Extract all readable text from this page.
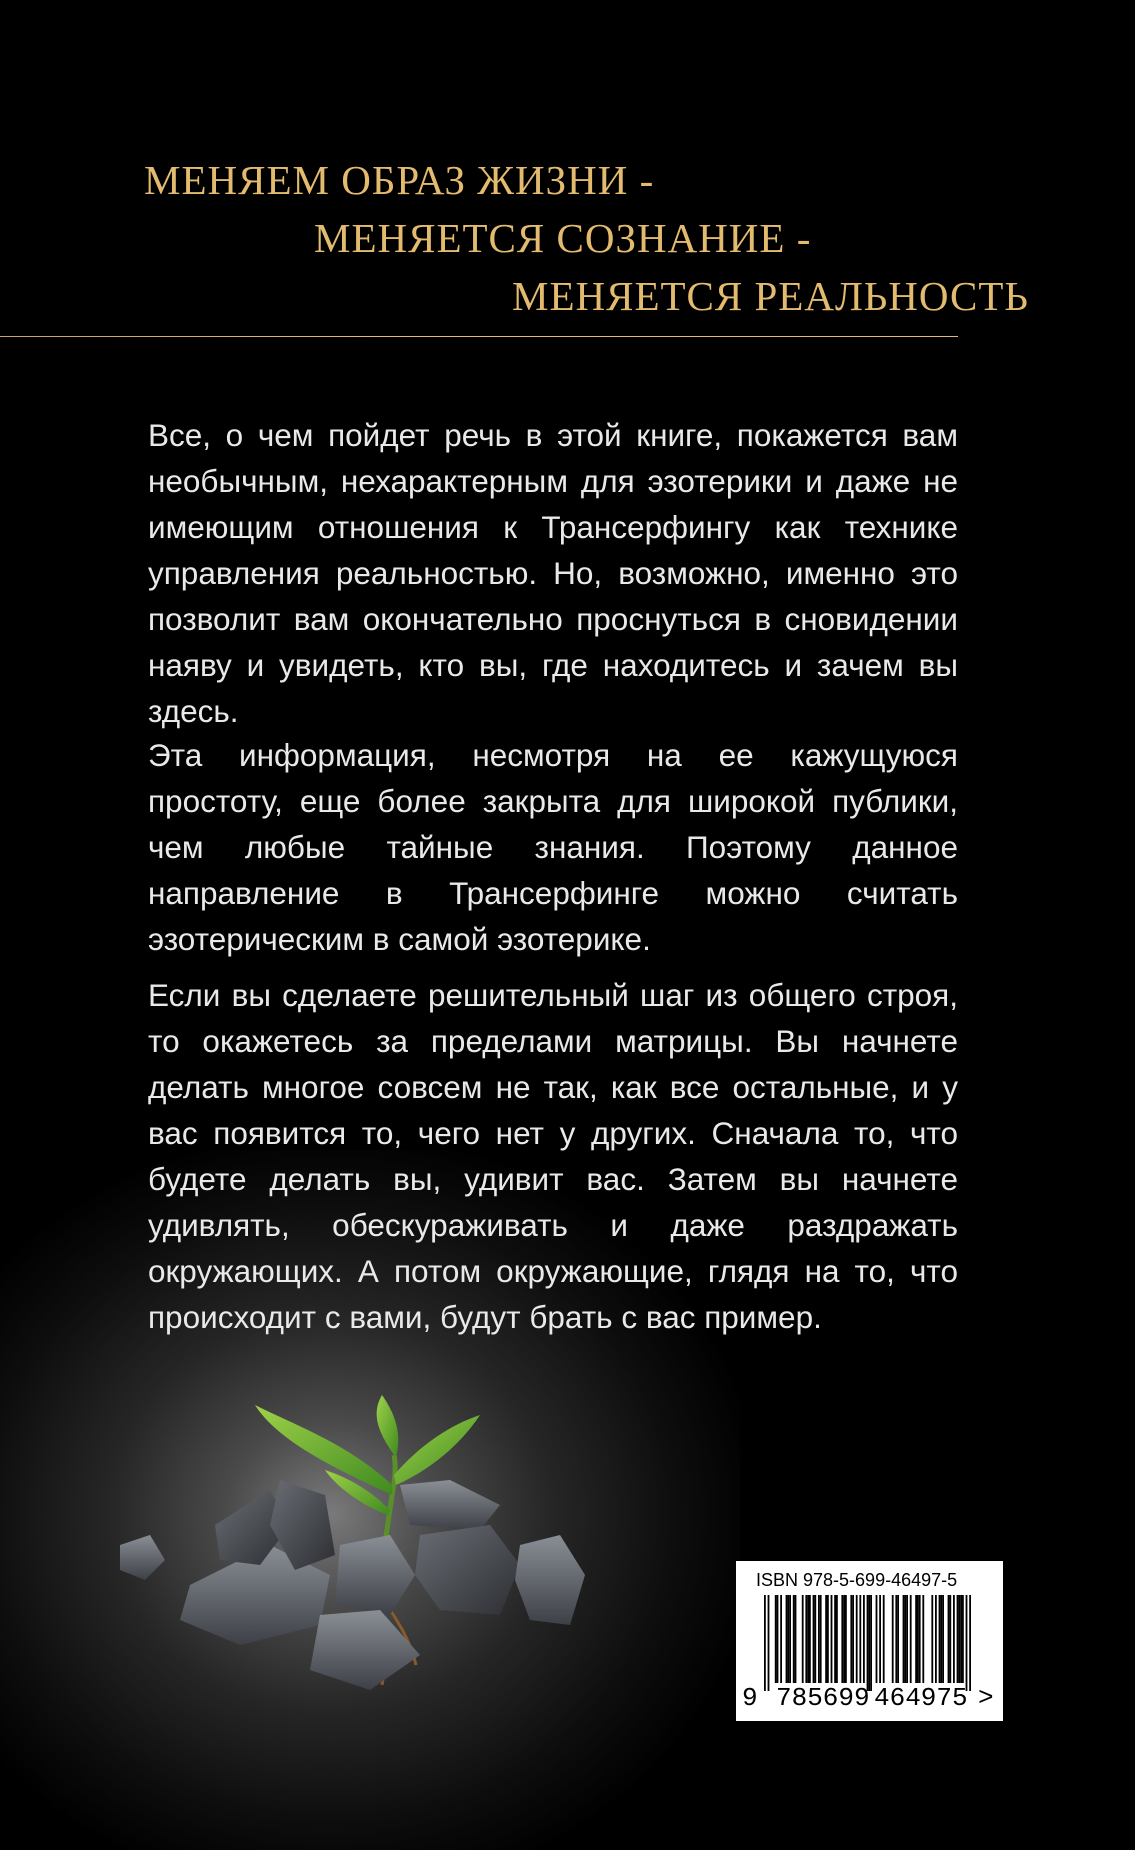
МЕНЯЕМ ОБРАЗ ЖИЗНИ -
МЕНЯЕТСЯ СОЗНАНИЕ -
МЕНЯЕТСЯ РЕАЛЬНОСТЬ

Все, о чем пойдет речь в этой книге, покажется вам необычным, нехарактерным для эзотерики и даже не имеющим отношения к Трансерфингу как технике управления реальностью. Но, возможно, именно это позволит вам окончательно проснуться в сновидении наяву и увидеть, кто вы, где находитесь и зачем вы здесь.

Эта информация, несмотря на ее кажущуюся простоту, еще более закрыта для широкой публики, чем любые тайные знания. Поэтому данное направление в Трансерфинге можно считать эзотерическим в самой эзотерике.

Если вы сделаете решительный шаг из общего строя, то окажетесь за пределами матрицы. Вы начнете делать многое совсем не так, как все остальные, и у вас появится то, чего нет у других. Сначала то, что будете делать вы, удивит вас. Затем вы начнете удивлять, обескураживать и даже раздражать окружающих. А потом окружающие, глядя на то, что происходит с вами, будут брать с вас пример.

ISBN 978-5-699-46497-5
9 785699 464975 >
